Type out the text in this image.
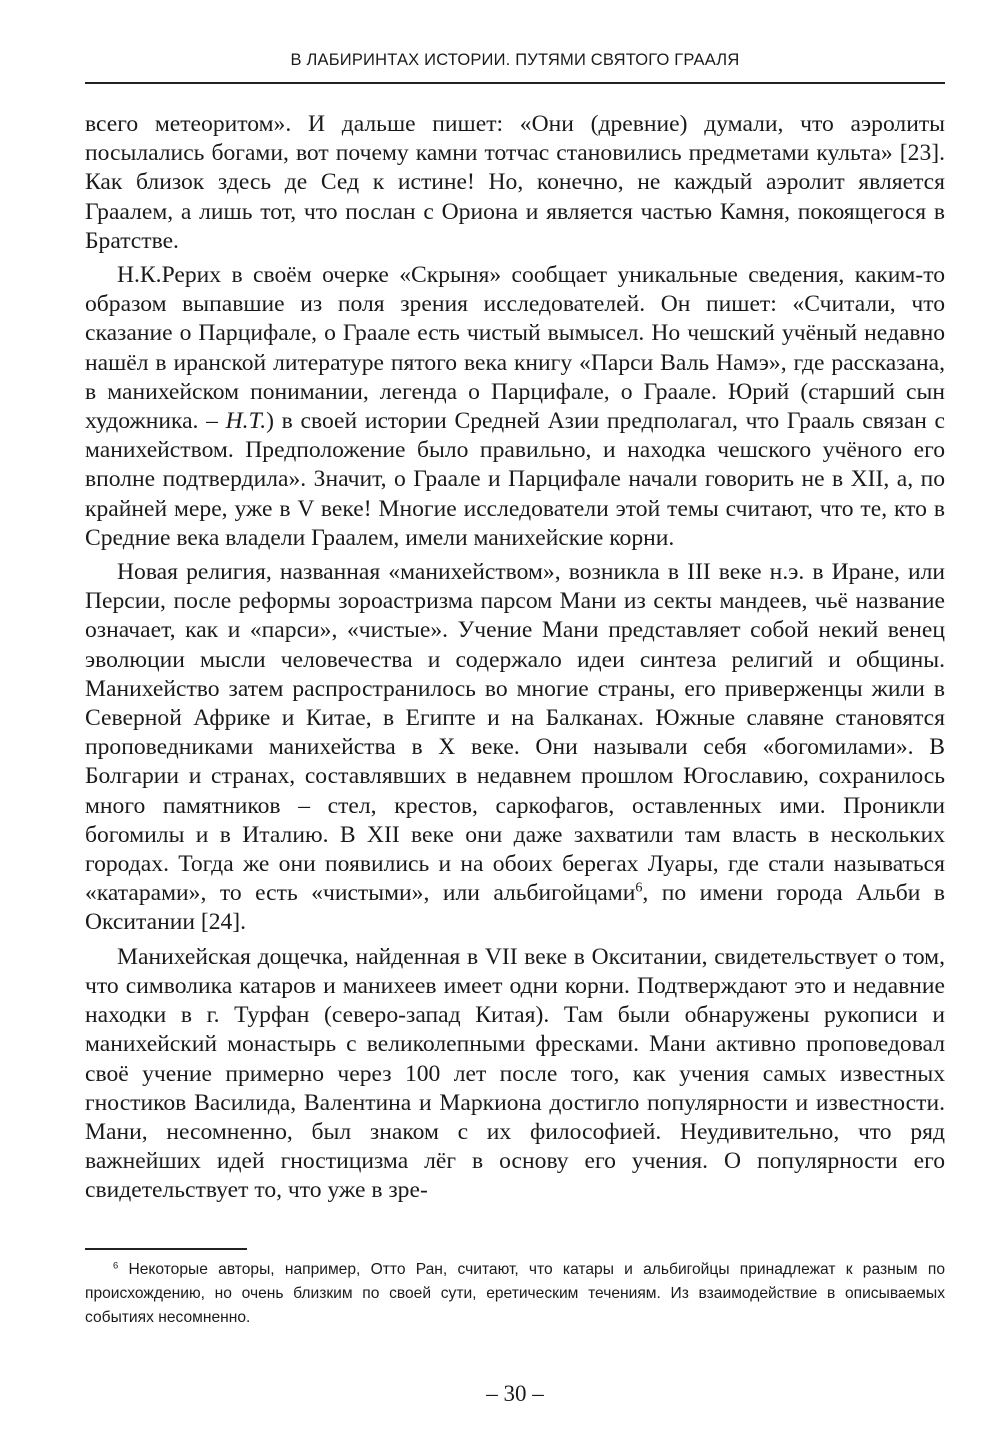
В ЛАБИРИНТАХ ИСТОРИИ. ПУТЯМИ СВЯТОГО ГРААЛЯ

всего метеоритом». И дальше пишет: «Они (древние) думали, что аэролиты посылались богами, вот почему камни тотчас становились предметами культа» [23]. Как близок здесь де Сед к истине! Но, конечно, не каждый аэролит является Граалем, а лишь тот, что послан с Ориона и является частью Камня, покоящегося в Братстве.

Н.К.Рерих в своём очерке «Скрыня» сообщает уникальные сведения, каким-то образом выпавшие из поля зрения исследователей. Он пишет: «Считали, что сказание о Парцифале, о Граале есть чистый вымысел. Но чешский учёный недавно нашёл в иранской литературе пятого века книгу «Парси Валь Намэ», где рассказана, в манихейском понимании, легенда о Парцифале, о Граале. Юрий (старший сын художника. – Н.Т.) в своей истории Средней Азии предполагал, что Грааль связан с манихейством. Предположение было правильно, и находка чешского учёного его вполне подтвердила». Значит, о Граале и Парцифале начали говорить не в XII, а, по крайней мере, уже в V веке! Многие исследователи этой темы считают, что те, кто в Средние века владели Граалем, имели манихейские корни.

Новая религия, названная «манихейством», возникла в III веке н.э. в Иране, или Персии, после реформы зороастризма парсом Мани из секты мандеев, чьё название означает, как и «парси», «чистые». Учение Мани представляет собой некий венец эволюции мысли человечества и содержало идеи синтеза религий и общины. Манихейство затем распространилось во многие страны, его приверженцы жили в Северной Африке и Китае, в Египте и на Балканах. Южные славяне становятся проповедниками манихейства в X веке. Они называли себя «богомилами». В Болгарии и странах, составлявших в недавнем прошлом Югославию, сохранилось много памятников – стел, крестов, саркофагов, оставленных ими. Проникли богомилы и в Италию. В XII веке они даже захватили там власть в нескольких городах. Тогда же они появились и на обоих берегах Луары, где стали называться «катарами», то есть «чистыми», или альбигойцами$^6$, по имени города Альби в Окситании [24].

Манихейская дощечка, найденная в VII веке в Окситании, свидетельствует о том, что символика катаров и манихеев имеет одни корни. Подтверждают это и недавние находки в г. Турфан (северо-запад Китая). Там были обнаружены рукописи и манихейский монастырь с великолепными фресками. Мани активно проповедовал своё учение примерно через 100 лет после того, как учения самых известных гностиков Василида, Валентина и Маркиона достигло популярности и известности. Мани, несомненно, был знаком с их философией. Неудивительно, что ряд важнейших идей гностицизма лёг в основу его учения. О популярности его свидетельствует то, что уже в зре-

$^6$ Некоторые авторы, например, Отто Ран, считают, что катары и альбигойцы принадлежат к разным по происхождению, но очень близким по своей сути, еретическим течениям. Из взаимодействие в описываемых событиях несомненно.

– 30 –
